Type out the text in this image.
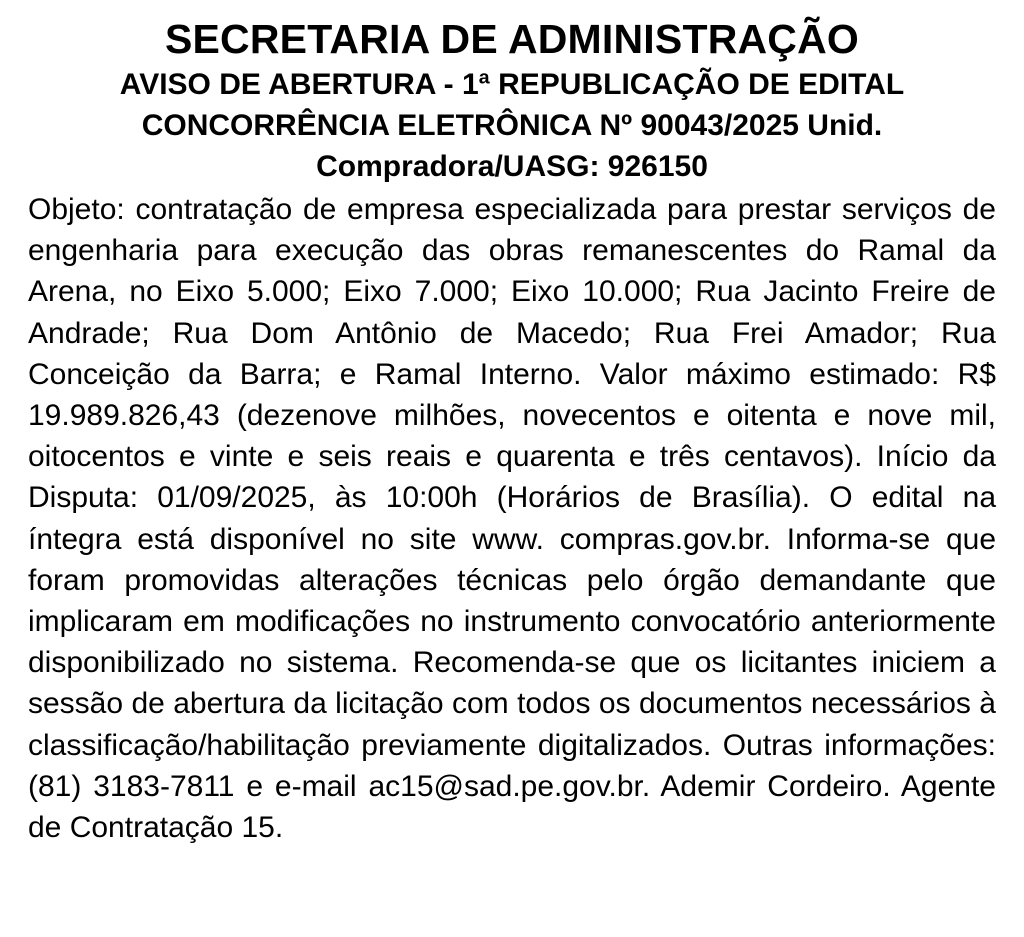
SECRETARIA DE ADMINISTRAÇÃO
AVISO DE ABERTURA - 1ª REPUBLICAÇÃO DE EDITAL
CONCORRÊNCIA ELETRÔNICA Nº 90043/2025 Unid.
Compradora/UASG: 926150

Objeto: contratação de empresa especializada para prestar serviços de engenharia para execução das obras remanescentes do Ramal da Arena, no Eixo 5.000; Eixo 7.000; Eixo 10.000; Rua Jacinto Freire de Andrade; Rua Dom Antônio de Macedo; Rua Frei Amador; Rua Conceição da Barra; e Ramal Interno. Valor máximo estimado: R$ 19.989.826,43 (dezenove milhões, novecentos e oitenta e nove mil, oitocentos e vinte e seis reais e quarenta e três centavos). Início da Disputa: 01/09/2025, às 10:00h (Horários de Brasília). O edital na íntegra está disponível no site www. compras.gov.br. Informa-se que foram promovidas alterações técnicas pelo órgão demandante que implicaram em modificações no instrumento convocatório anteriormente disponibilizado no sistema. Recomenda-se que os licitantes iniciem a sessão de abertura da licitação com todos os documentos necessários à classificação/habilitação previamente digitalizados. Outras informações: (81) 3183-7811 e e-mail ac15@sad.pe.gov.br. Ademir Cordeiro. Agente de Contratação 15.
